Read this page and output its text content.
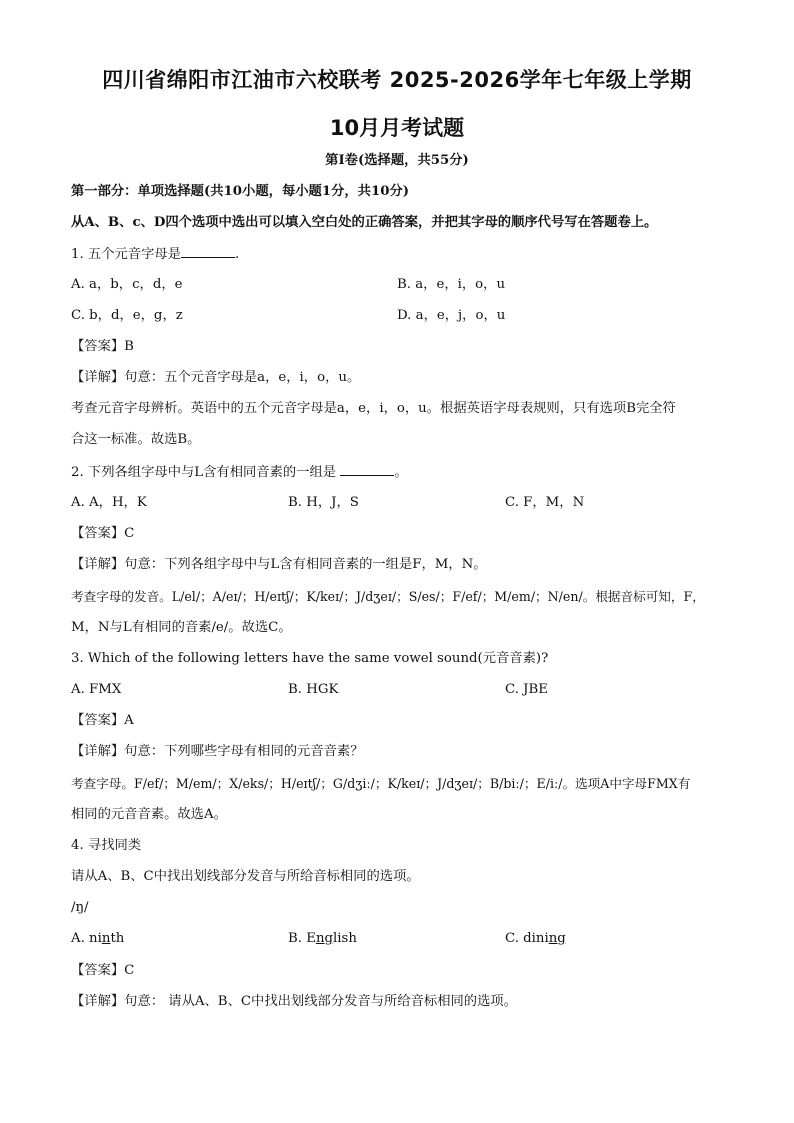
四川省绵阳市江油市六校联考 2025-2026学年七年级上学期
10月月考试题
第Ⅰ卷(选择题，共55分)
第一部分：单项选择题(共10小题，每小题1分，共10分)
从A、B、c、D四个选项中选出可以填入空白处的正确答案，并把其字母的顺序代号写在答题卷上。
1. 五个元音字母是	.
A. a，b，c，d，e	B. a，e，i，o，u
C. b，d，e，g，z	D. a，e，j，o，u
【答案】B
【详解】句意：五个元音字母是a，e，i，o，u。
考查元音字母辨析。英语中的五个元音字母是a，e，i，o，u。根据英语字母表规则，只有选项B完全符
合这一标准。故选B。
2. 下列各组字母中与L含有相同音素的一组是	。
A. A，H，K	B. H，J，S	C. F，M，N
【答案】C
【详解】句意：下列各组字母中与L含有相同音素的一组是F，M，N。
考查字母的发音。L/el/；A/eɪ/；H/eɪtʃ/；K/keɪ/；J/dʒeɪ/；S/es/；F/ef/；M/em/；N/en/。根据音标可知，F，
M，N与L有相同的音素/e/。故选C。
3. Which of the following letters have the same vowel sound(元音音素)?
A. FMX	B. HGK	C. JBE
【答案】A
【详解】句意：下列哪些字母有相同的元音音素？
考查字母。F/ef/；M/em/；X/eks/；H/eɪtʃ/；G/dʒiː/；K/keɪ/；J/dʒeɪ/；B/biː/；E/iː/。选项A中字母FMX有
相同的元音音素。故选A。
4. 寻找同类
请从A、B、C中找出划线部分发音与所给音标相同的选项。
/ŋ/
A. ninth	B. English	C. dining
【答案】C
【详解】句意： 请从A、B、C中找出划线部分发音与所给音标相同的选项。
